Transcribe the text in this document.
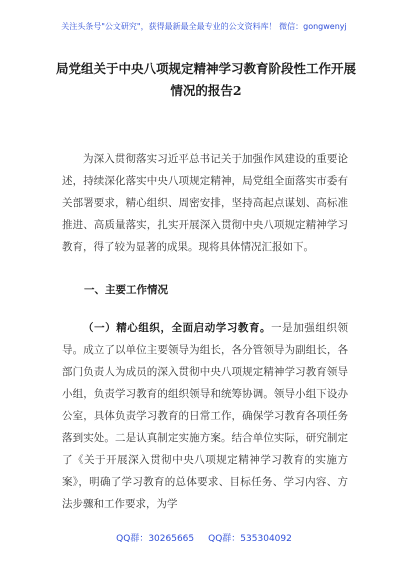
关注头条号"公文研究"，获得最新最全最专业的公文资料库！ 微信：gongwenyj
局党组关于中央八项规定精神学习教育阶段性工作开展情况的报告2

为深入贯彻落实习近平总书记关于加强作风建设的重要论述，持续深化落实中央八项规定精神，局党组全面落实市委有关部署要求，精心组织、周密安排，坚持高起点谋划、高标准推进、高质量落实，扎实开展深入贯彻中央八项规定精神学习教育，得了较为显著的成果。现将具体情况汇报如下。

一、主要工作情况

（一）精心组织，全面启动学习教育。一是加强组织领导。成立了以单位主要领导为组长，各分管领导为副组长，各部门负责人为成员的深入贯彻中央八项规定精神学习教育领导小组，负责学习教育的组织领导和统筹协调。领导小组下设办公室，具体负责学习教育的日常工作，确保学习教育各项任务落到实处。二是认真制定实施方案。结合单位实际，研究制定了《关于开展深入贯彻中央八项规定精神学习教育的实施方案》，明确了学习教育的总体要求、目标任务、学习内容、方法步骤和工作要求，为学

QQ群：30265665 QQ群：535304092
